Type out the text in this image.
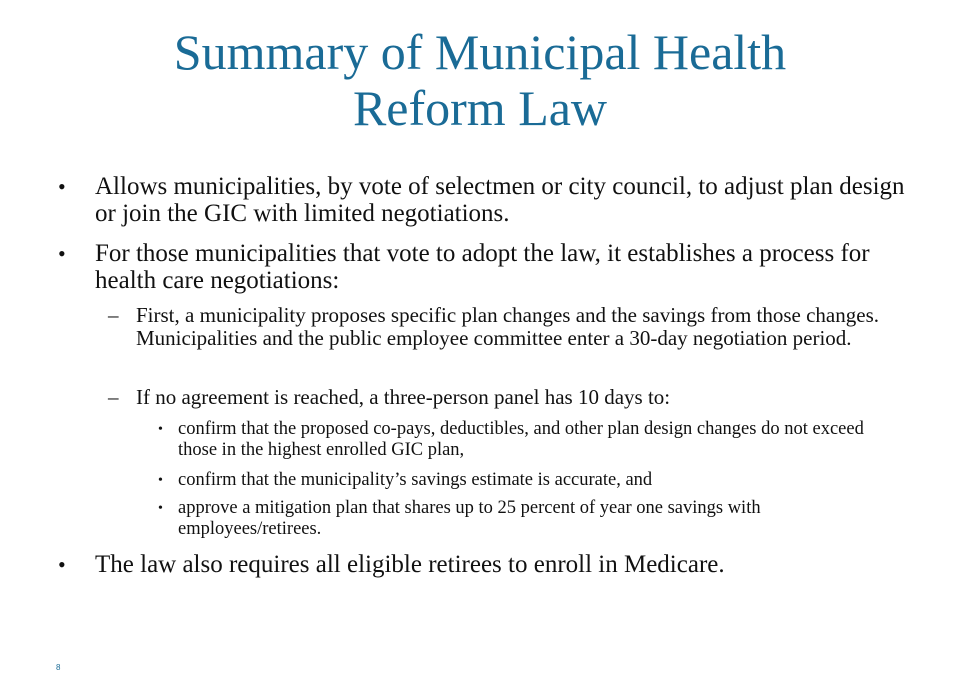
Summary of Municipal Health
Reform Law
•	Allows municipalities, by vote of selectmen or city council, to adjust plan design or join the GIC with limited negotiations.
•	For those municipalities that vote to adopt the law, it establishes a process for health care negotiations:
– First, a municipality proposes specific plan changes and the savings from those changes. Municipalities and the public employee committee enter a 30-day negotiation period.
– If no agreement is reached, a three-person panel has 10 days to:
• confirm that the proposed co-pays, deductibles, and other plan design changes do not exceed those in the highest enrolled GIC plan,
• confirm that the municipality’s savings estimate is accurate, and
• approve a mitigation plan that shares up to 25 percent of year one savings with employees/retirees.
•	The law also requires all eligible retirees to enroll in Medicare.
8
